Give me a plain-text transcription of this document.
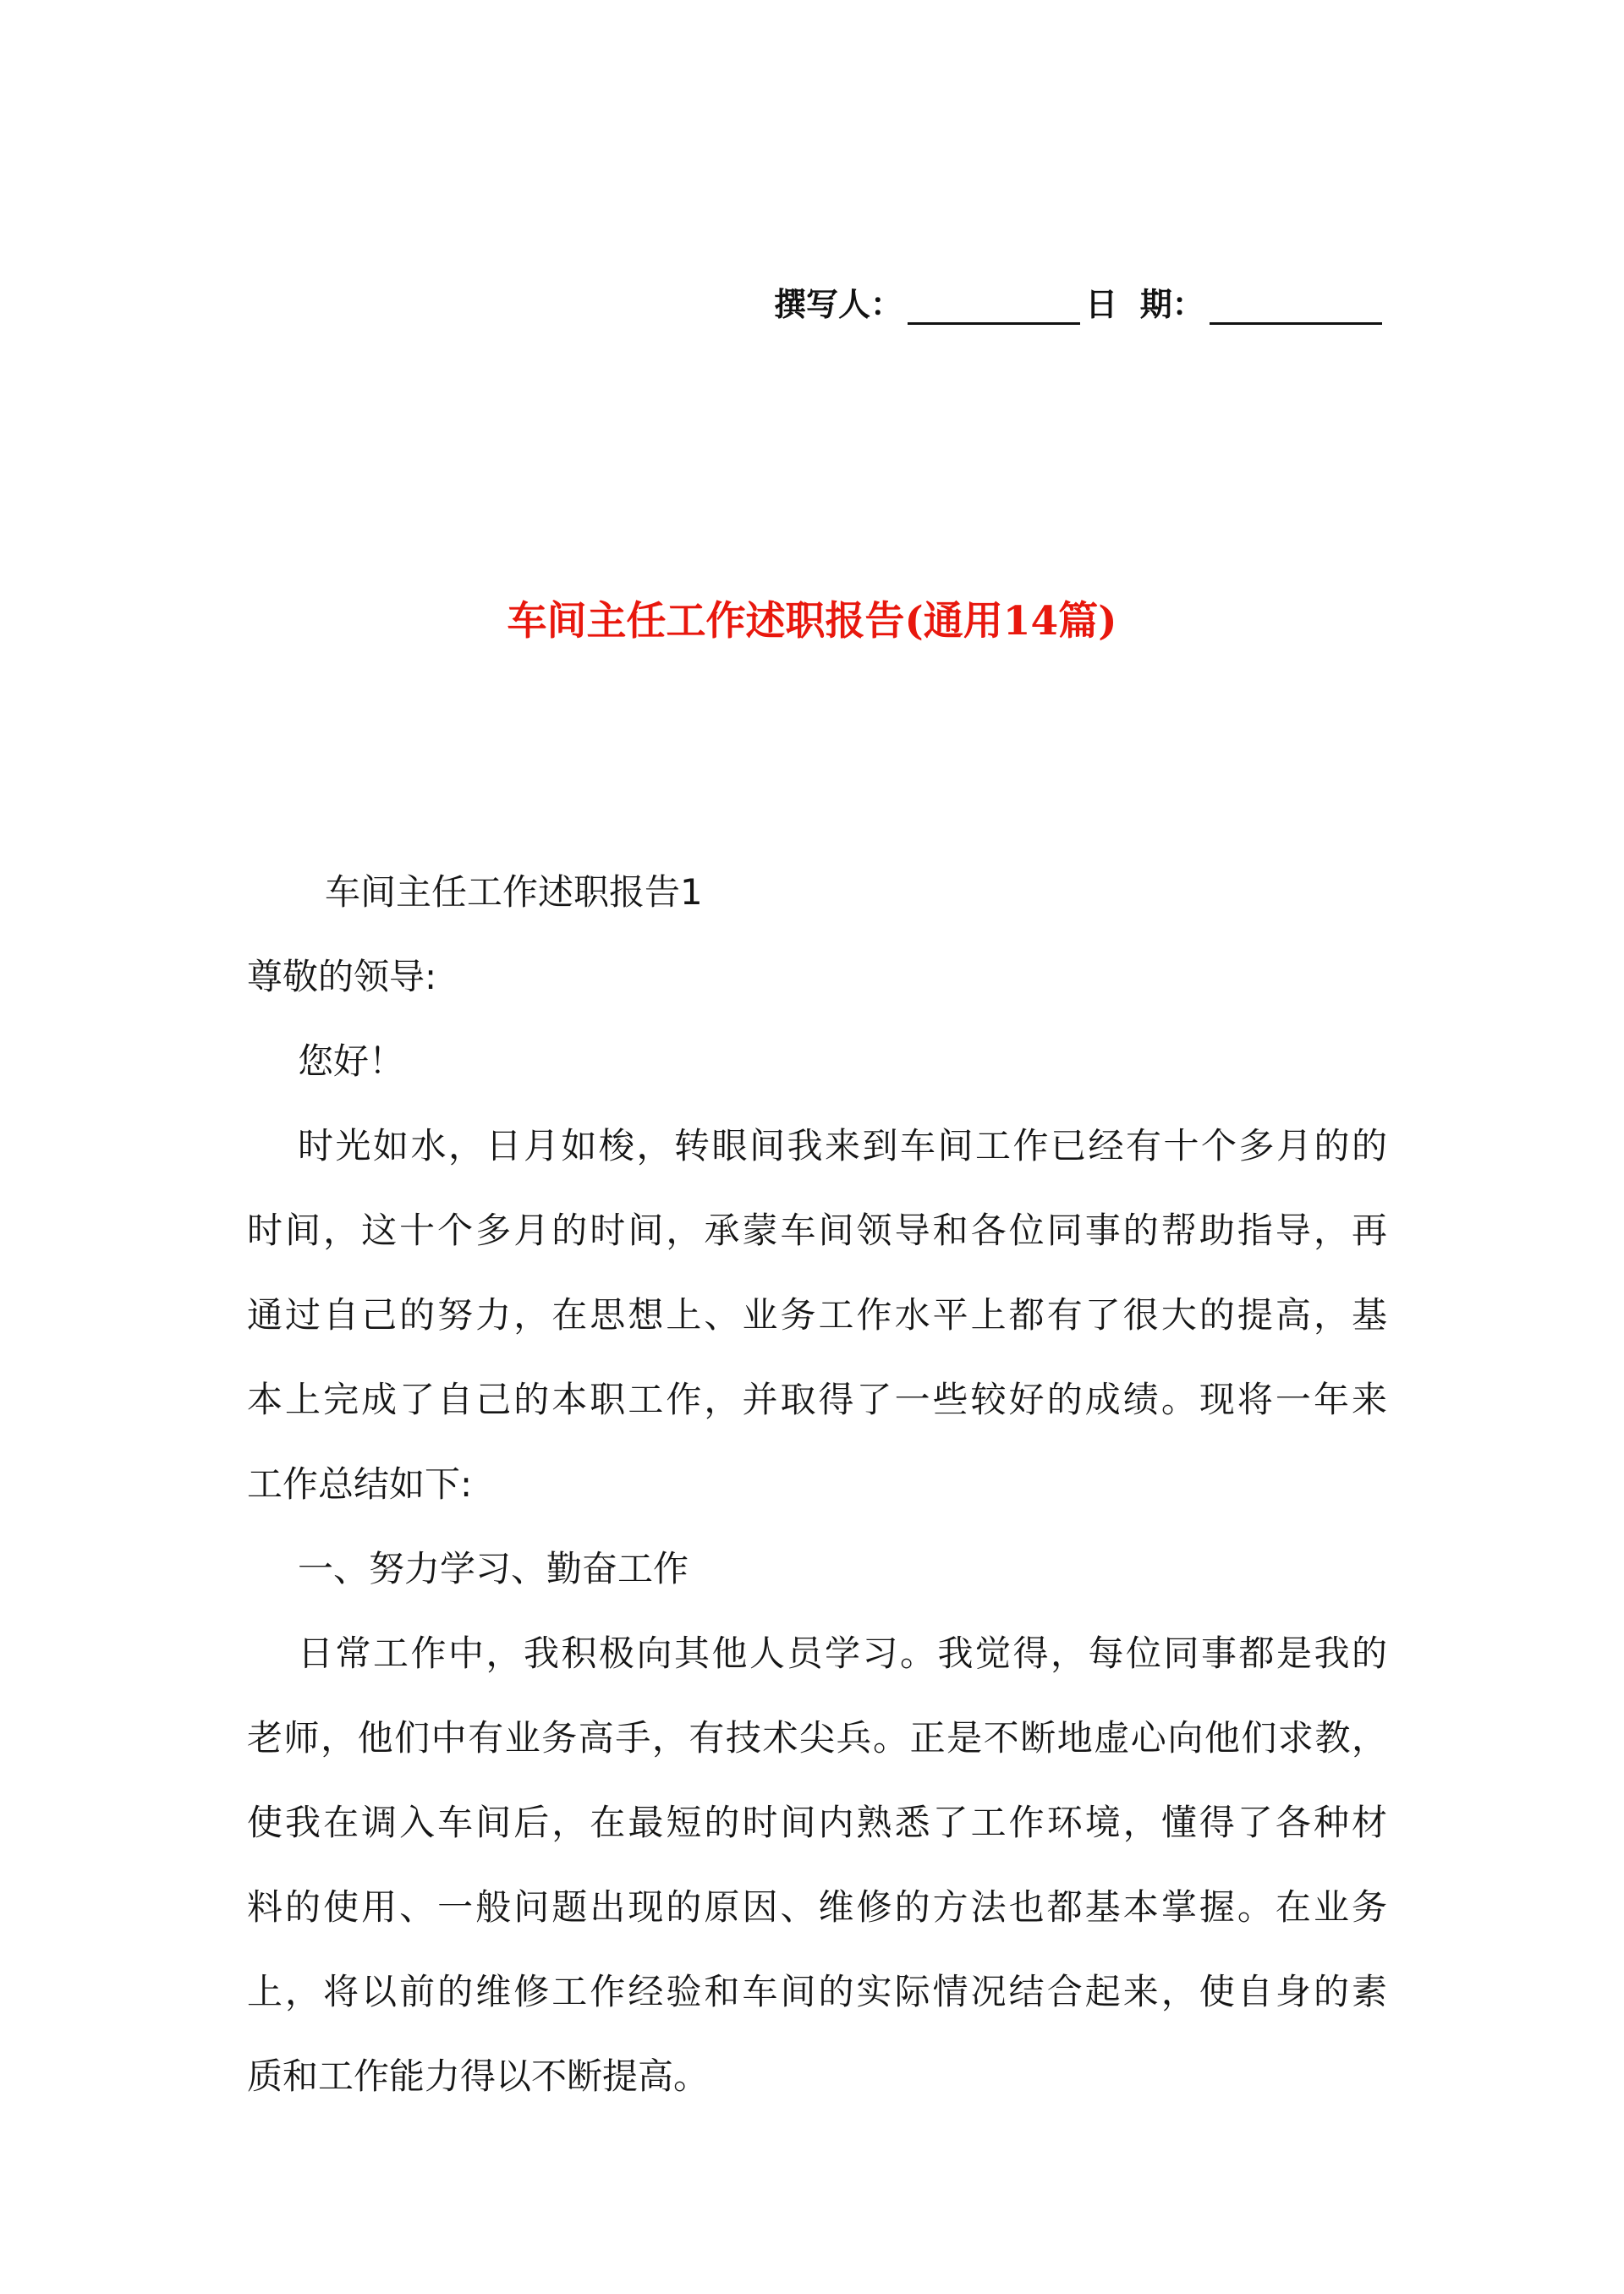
撰写人：	日  期：
车间主任工作述职报告(通用14篇)
车间主任工作述职报告1
尊敬的领导:
您好！
时光如水，日月如梭，转眼间我来到车间工作已经有十个多月的的
时间，这十个多月的时间，承蒙车间领导和各位同事的帮助指导，再
通过自己的努力，在思想上、业务工作水平上都有了很大的提高，基
本上完成了自己的本职工作，并取得了一些较好的成绩。现将一年来
工作总结如下:
一、努力学习、勤奋工作
日常工作中，我积极向其他人员学习。我觉得，每位同事都是我的
老师，他们中有业务高手，有技术尖兵。正是不断地虚心向他们求教，
使我在调入车间后，在最短的时间内熟悉了工作环境，懂得了各种材
料的使用、一般问题出现的原因、维修的方法也都基本掌握。在业务
上，将以前的维修工作经验和车间的实际情况结合起来，使自身的素
质和工作能力得以不断提高。
